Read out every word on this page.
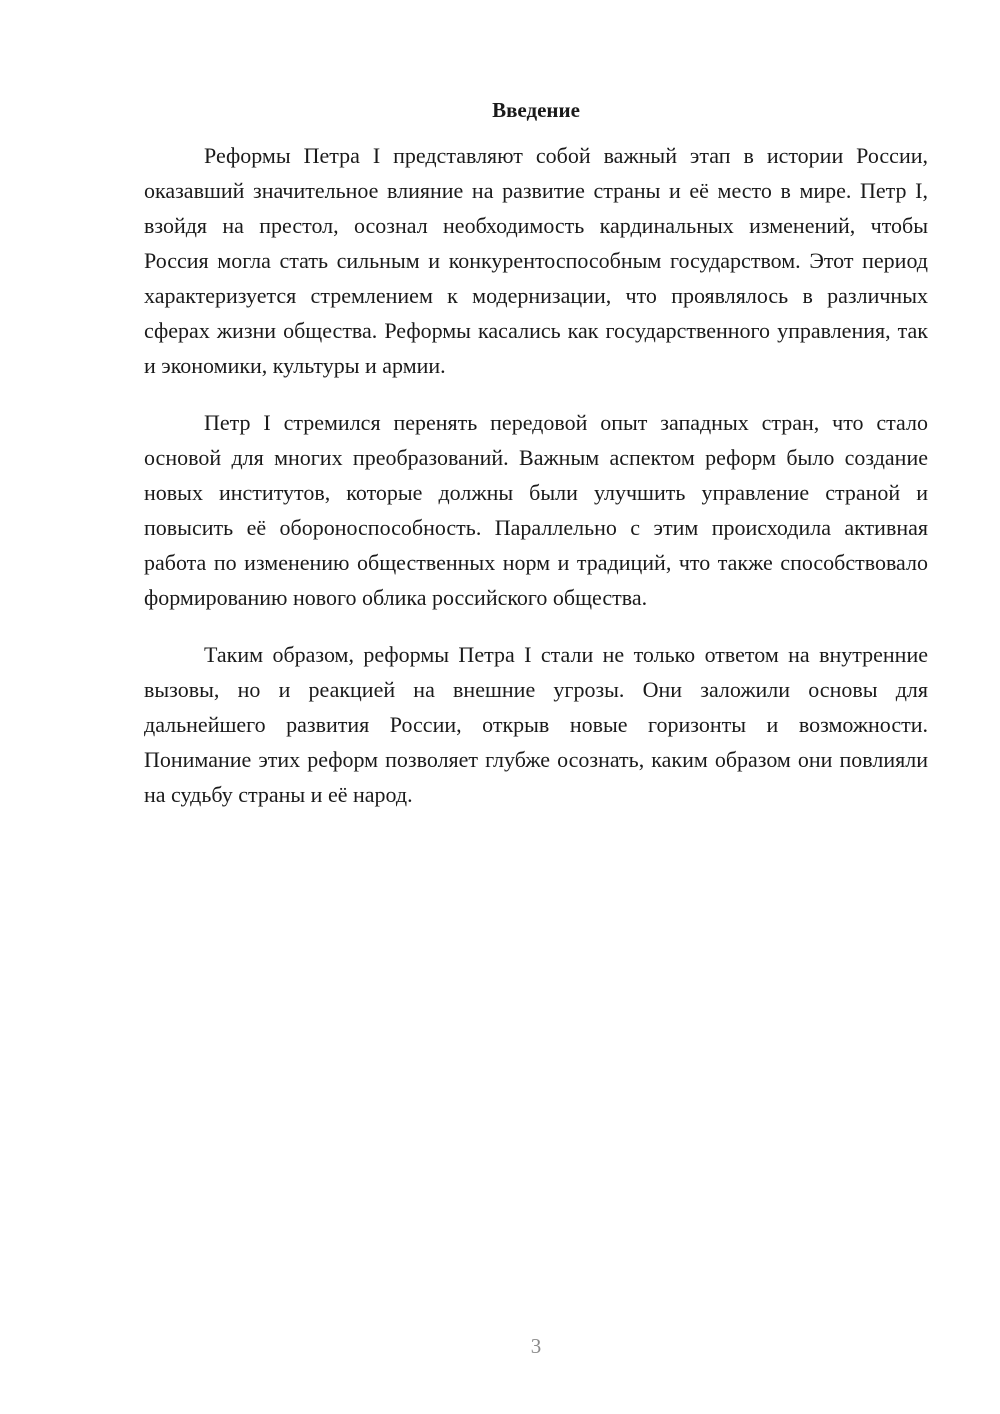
Введение

Реформы Петра I представляют собой важный этап в истории России, оказавший значительное влияние на развитие страны и её место в мире. Петр I, взойдя на престол, осознал необходимость кардинальных изменений, чтобы Россия могла стать сильным и конкурентоспособным государством. Этот период характеризуется стремлением к модернизации, что проявлялось в различных сферах жизни общества. Реформы касались как государственного управления, так и экономики, культуры и армии.

Петр I стремился перенять передовой опыт западных стран, что стало основой для многих преобразований. Важным аспектом реформ было создание новых институтов, которые должны были улучшить управление страной и повысить её обороноспособность. Параллельно с этим происходила активная работа по изменению общественных норм и традиций, что также способствовало формированию нового облика российского общества.

Таким образом, реформы Петра I стали не только ответом на внутренние вызовы, но и реакцией на внешние угрозы. Они заложили основы для дальнейшего развития России, открыв новые горизонты и возможности. Понимание этих реформ позволяет глубже осознать, каким образом они повлияли на судьбу страны и её народ.

3
